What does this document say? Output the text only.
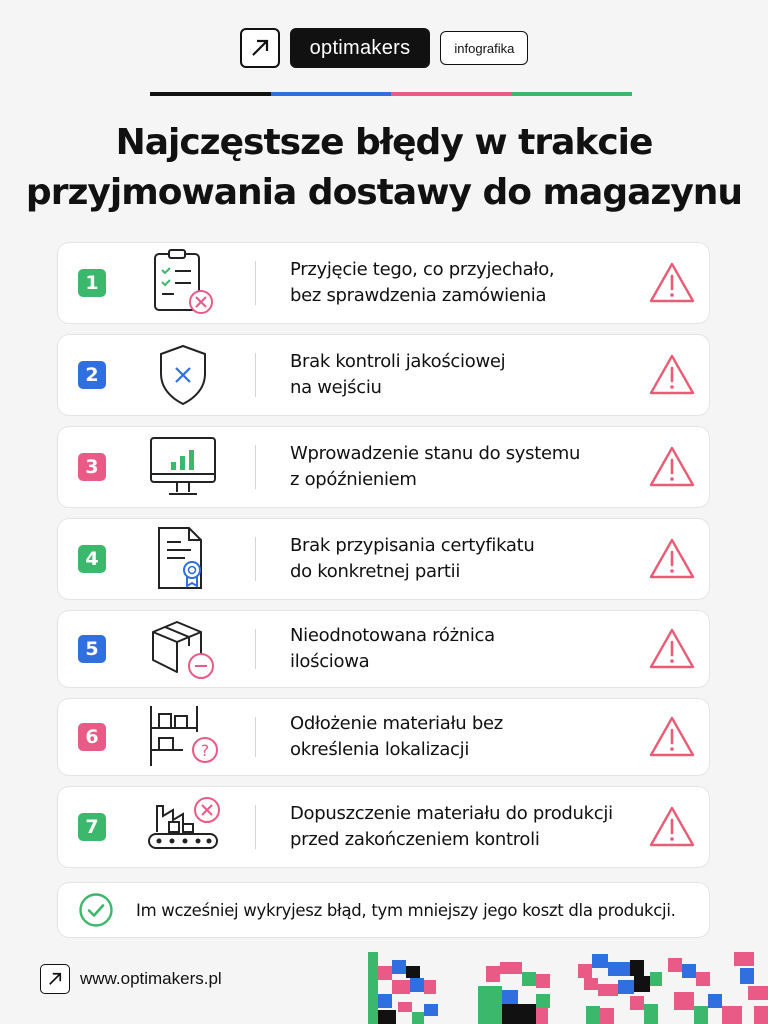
optimakers	infografika
Najczęstsze błędy w trakcie
przyjmowania dostawy do magazynu
1
Przyjęcie tego, co przyjechało,
bez sprawdzenia zamówienia
2
Brak kontroli jakościowej
na wejściu
3
Wprowadzenie stanu do systemu
z opóźnieniem
4
Brak przypisania certyfikatu
do konkretnej partii
5
Nieodnotowana różnica
ilościowa
6
?
Odłożenie materiału bez
określenia lokalizacji
7
Dopuszczenie materiału do produkcji
przed zakończeniem kontroli
Im wcześniej wykryjesz błąd, tym mniejszy jego koszt dla produkcji.
www.optimakers.pl
